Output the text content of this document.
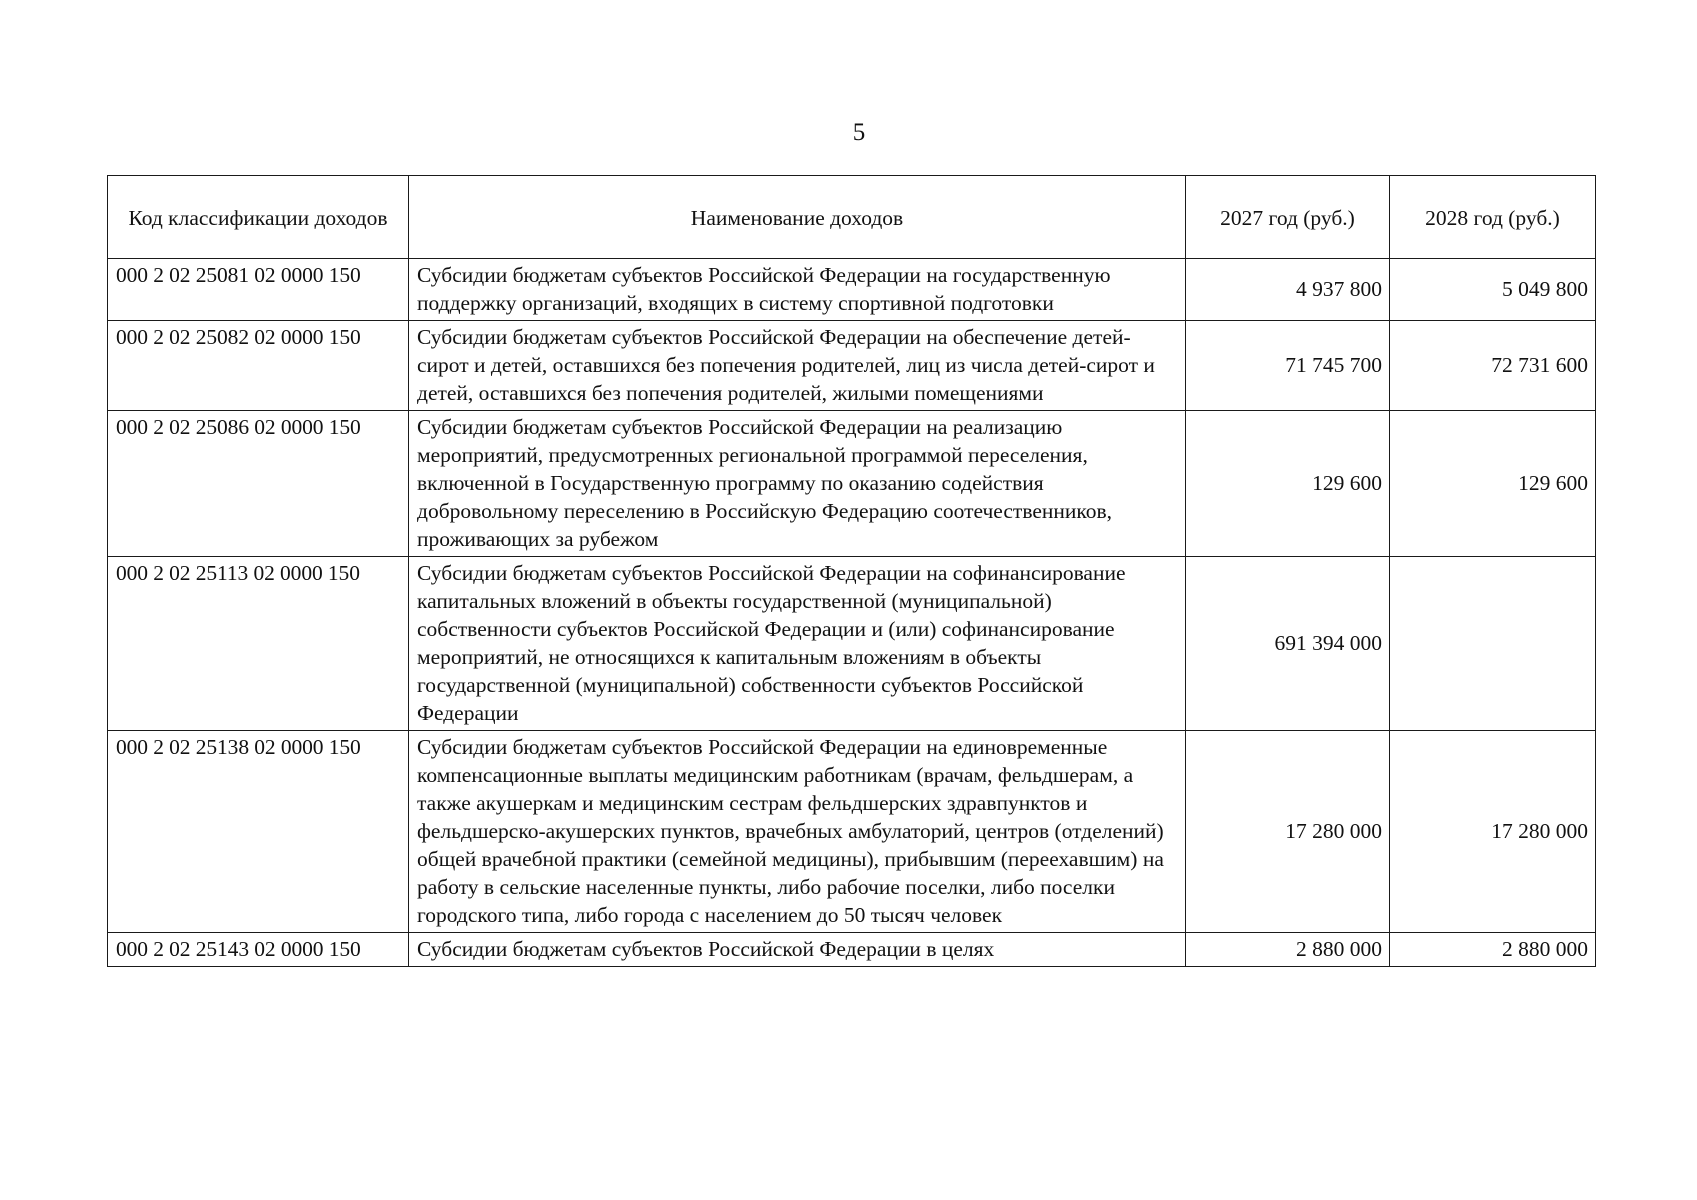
5
Код классификации доходов	Наименование доходов	2027 год (руб.)	2028 год (руб.)
000 2 02 25081 02 0000 150	Субсидии бюджетам субъектов Российской Федерации на государственную поддержку организаций, входящих в систему спортивной подготовки	4 937 800	5 049 800
000 2 02 25082 02 0000 150	Субсидии бюджетам субъектов Российской Федерации на обеспечение детей-сирот и детей, оставшихся без попечения родителей, лиц из числа детей-сирот и детей, оставшихся без попечения родителей, жилыми помещениями	71 745 700	72 731 600
000 2 02 25086 02 0000 150	Субсидии бюджетам субъектов Российской Федерации на реализацию мероприятий, предусмотренных региональной программой переселения, включенной в Государственную программу по оказанию содействия добровольному переселению в Российскую Федерацию соотечественников, проживающих за рубежом	129 600	129 600
000 2 02 25113 02 0000 150	Субсидии бюджетам субъектов Российской Федерации на софинансирование капитальных вложений в объекты государственной (муниципальной) собственности субъектов Российской Федерации и (или) софинансирование мероприятий, не относящихся к капитальным вложениям в объекты государственной (муниципальной) собственности субъектов Российской Федерации	691 394 000	
000 2 02 25138 02 0000 150	Субсидии бюджетам субъектов Российской Федерации на единовременные компенсационные выплаты медицинским работникам (врачам, фельдшерам, а также акушеркам и медицинским сестрам фельдшерских здравпунктов и фельдшерско-акушерских пунктов, врачебных амбулаторий, центров (отделений) общей врачебной практики (семейной медицины), прибывшим (переехавшим) на работу в сельские населенные пункты, либо рабочие поселки, либо поселки городского типа, либо города с населением до 50 тысяч человек	17 280 000	17 280 000
000 2 02 25143 02 0000 150	Субсидии бюджетам субъектов Российской Федерации в целях	2 880 000	2 880 000
